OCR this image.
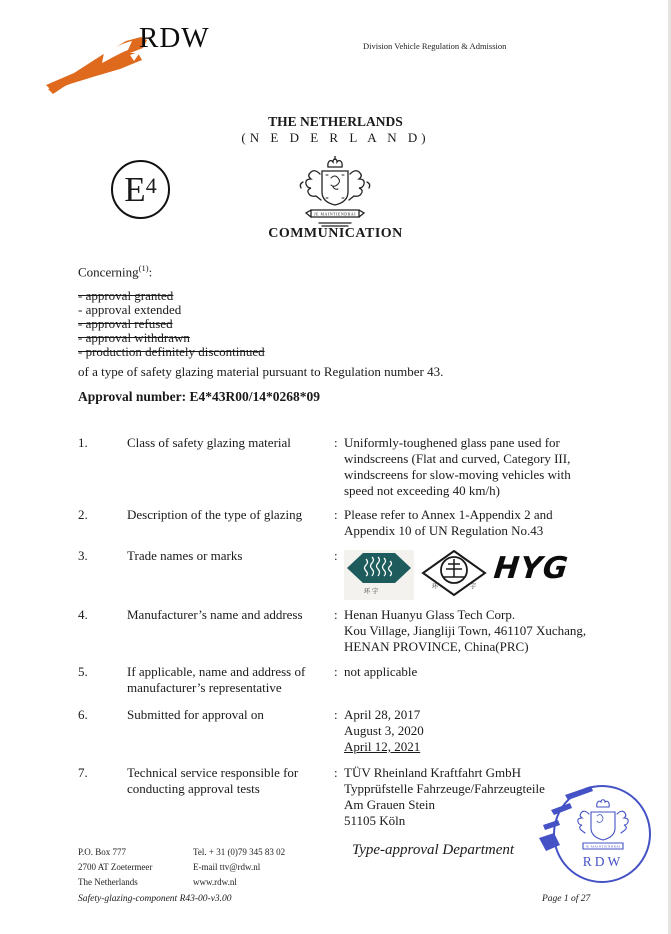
RDW	Division Vehicle Regulation & Admission
THE NETHERLANDS
(N E D E R L A N D)
E 4
JE MAINTIENDRAI
COMMUNICATION
Concerning$^{(1)}$:
- approval granted
- approval extended
- approval refused
- approval withdrawn
- production definitely discontinued
of a type of safety glazing material pursuant to Regulation number 43.
Approval number: E4*43R00/14*0268*09
1.	Class of safety glazing material	: Uniformly-toughened glass pane used for
windscreens (Flat and curved, Category III,
windscreens for slow-moving vehicles with
speed not exceeding 40 km/h)
2.	Description of the type of glazing : Please refer to Annex 1-Appendix 2 and
Appendix 10 of UN Regulation No.43
3.	Trade names or marks	:
环 宇
环	宇
HYG
4.	Manufacturer’s name and address : Henan Huanyu Glass Tech Corp.
Kou Village, Jiangliji Town, 461107 Xuchang,
HENAN PROVINCE, China(PRC)
5.	If applicable, name and address of
manufacturer’s representative
: not applicable
6.	Submitted for approval on	: April 28, 2017
August 3, 2020
April 12, 2021
7.	Technical service responsible for
conducting approval tests
: TÜV Rheinland Kraftfahrt GmbH
Typprüfstelle Fahrzeuge/Fahrzeugteile
Am Grauen Stein
51105 Köln
JE MAINTIENDRAI
RDW
P.O. Box 777
2700 AT Zoetermeer
The Netherlands
Tel. + 31 (0)79 345 83 02
E-mail ttv@rdw.nl
www.rdw.nl
Type-approval Department
Safety-glazing-component R43-00-v3.00	Page 1 of 27
